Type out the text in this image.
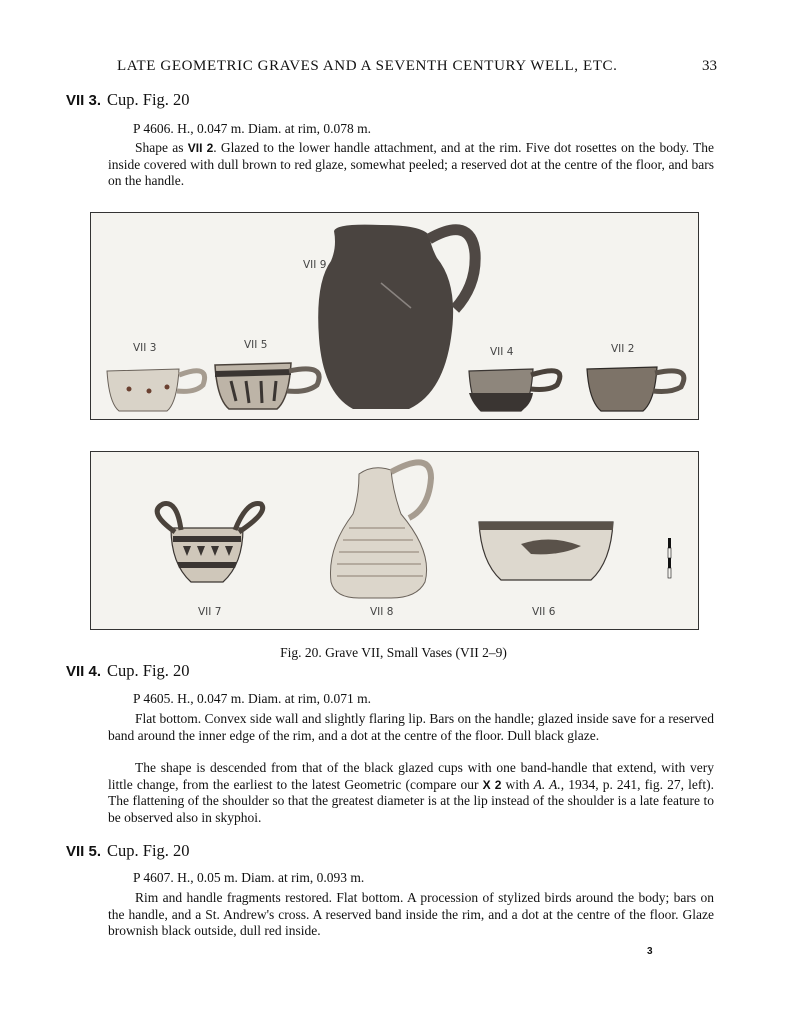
LATE GEOMETRIC GRAVES AND A SEVENTH CENTURY WELL, ETC.	33
VII 3. Cup. Fig. 20
P 4606. H., 0.047 m. Diam. at rim, 0.078 m.

Shape as VII 2. Glazed to the lower handle attachment, and at the rim. Five dot rosettes on the body. The inside covered with dull brown to red glaze, somewhat peeled; a reserved dot at the centre of the floor, and bars on the handle.

VII 9
VII 3	VII 5
VII 4	VII 2
VII 7	VII 8	VII 6
Fig. 20. Grave VII, Small Vases (VII 2–9)
VII 4. Cup. Fig. 20
P 4605. H., 0.047 m. Diam. at rim, 0.071 m.

Flat bottom. Convex side wall and slightly flaring lip. Bars on the handle; glazed inside save for a reserved band around the inner edge of the rim, and a dot at the centre of the floor. Dull black glaze.

The shape is descended from that of the black glazed cups with one band-handle that extend, with very little change, from the earliest to the latest Geometric (compare our X 2 with A. A., 1934, p. 241, fig. 27, left). The flattening of the shoulder so that the greatest diameter is at the lip instead of the shoulder is a late feature to be observed also in skyphoi.

VII 5. Cup. Fig. 20
P 4607. H., 0.05 m. Diam. at rim, 0.093 m.

Rim and handle fragments restored. Flat bottom. A procession of stylized birds around the body; bars on the handle, and a St. Andrew's cross. A reserved band inside the rim, and a dot at the centre of the floor. Glaze brownish black outside, dull red inside.

3
